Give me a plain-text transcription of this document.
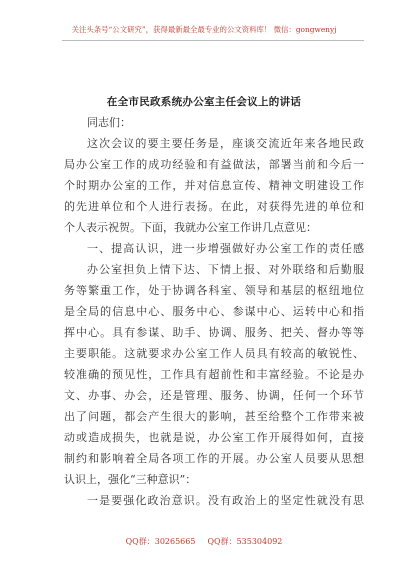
关注头条号“公文研究”，获得最新最全最专业的公文资料库！ 微信：gongwenyj
在全市民政系统办公室主任会议上的讲话
同志们：
这次会议的要主要任务是，座谈交流近年来各地民政
局办公室工作的成功经验和有益做法，部署当前和今后一
个时期办公室的工作，并对信息宣传、精神文明建设工作
的先进单位和个人进行表扬。在此，对获得先进的单位和
个人表示祝贺。下面，我就办公室工作讲几点意见：
一、提高认识，进一步增强做好办公室工作的责任感
办公室担负上情下达、下情上报、对外联络和后勤服
务等繁重工作，处于协调各科室、领导和基层的枢纽地位
是全局的信息中心、服务中心、参谋中心、运转中心和指
挥中心。具有参谋、助手、协调、服务、把关、督办等等
主要职能。这就要求办公室工作人员具有较高的敏锐性、
较准确的预见性，工作具有超前性和丰富经验。不论是办
文、办事、办会，还是管理、服务、协调，任何一个环节
出了问题，都会产生很大的影响，甚至给整个工作带来被
动或造成损失，也就是说，办公室工作开展得如何，直接
制约和影响着全局各项工作的开展。办公室人员要从思想
认识上，强化“三种意识”：
一是要强化政治意识。没有政治上的坚定性就没有思
QQ群：30265665 QQ群：535304092
